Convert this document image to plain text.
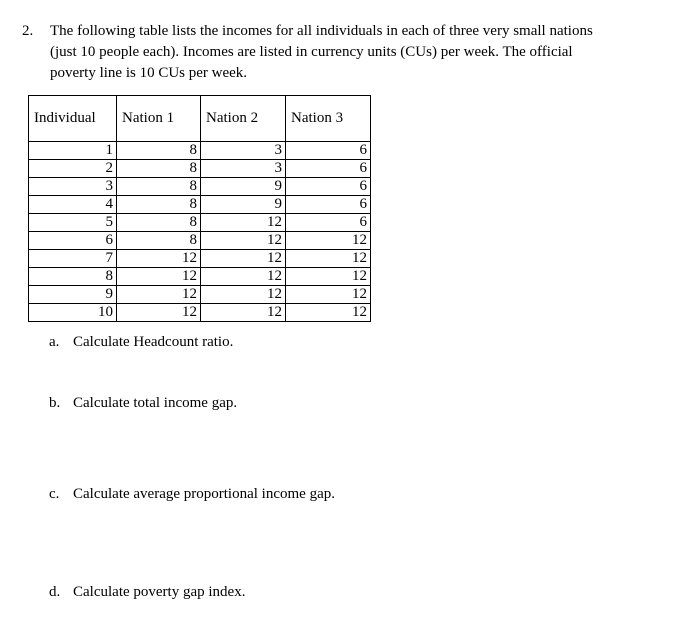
2. The following table lists the incomes for all individuals in each of three very small nations
(just 10 people each). Incomes are listed in currency units (CUs) per week. The official
poverty line is 10 CUs per week.
Individual	Nation 1	Nation 2	Nation 3
1	8	3	6
2	8	3	6
3	8	9	6
4	8	9	6
5	8	12	6
6	8	12	12
7	12	12	12
8	12	12	12
9	12	12	12
10	12	12	12
a. Calculate Headcount ratio.
b. Calculate total income gap.
c. Calculate average proportional income gap.
d. Calculate poverty gap index.
